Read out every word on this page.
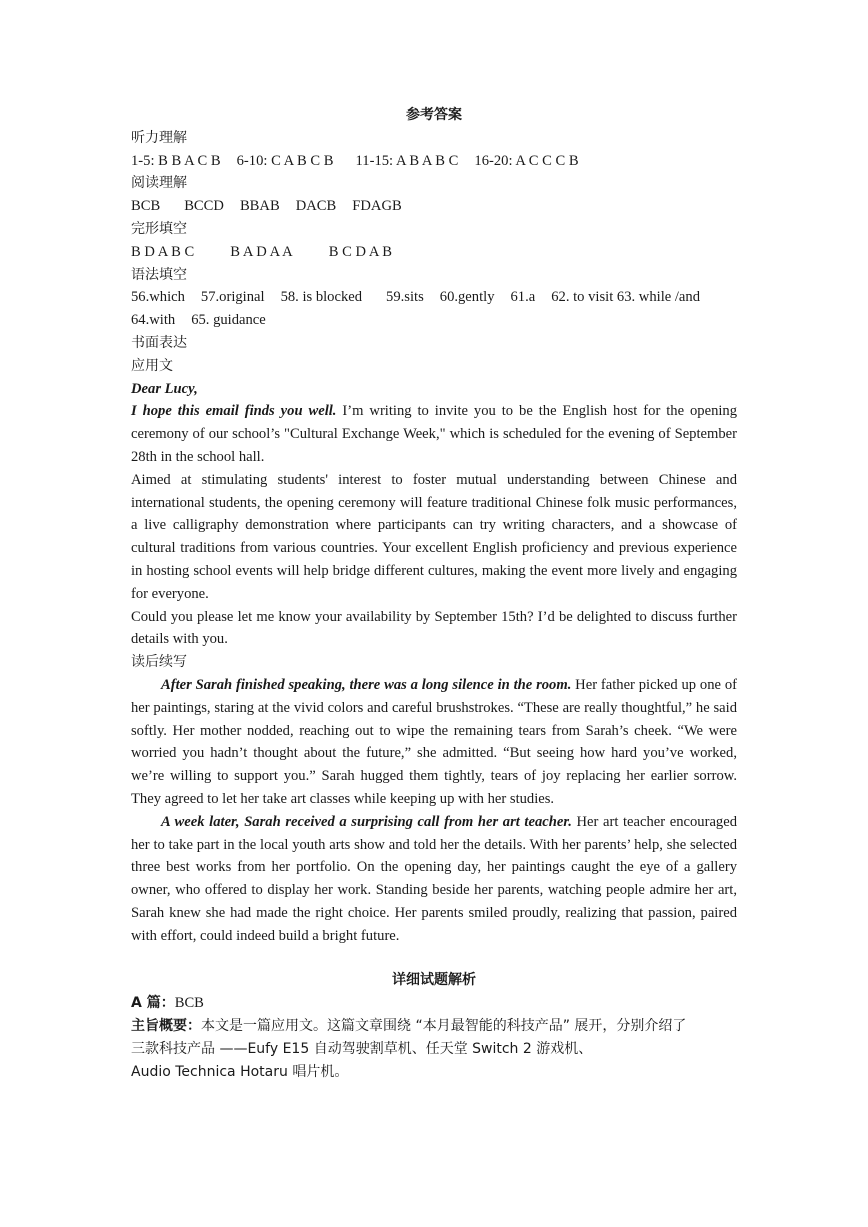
参考答案
听力理解
1-5: B B A C B 6-10: C A B C B 11-15: A B A B C 16-20: A C C C B
阅读理解
BCB BCCD BBAB DACB FDAGB
完形填空
B D A B C B A D A A B C D A B
语法填空
56.which 57.original 58. is blocked 59.sits 60.gently 61.a 62. to visit 63. while /and
64.with 65. guidance
书面表达
应用文
Dear Lucy,
I hope this email finds you well. I’m writing to invite you to be the English host for the opening ceremony of our school’s "Cultural Exchange Week," which is scheduled for the evening of September 28th in the school hall.
Aimed at stimulating students' interest to foster mutual understanding between Chinese and international students, the opening ceremony will feature traditional Chinese folk music performances, a live calligraphy demonstration where participants can try writing characters, and a showcase of cultural traditions from various countries. Your excellent English proficiency and previous experience in hosting school events will help bridge different cultures, making the event more lively and engaging for everyone.
Could you please let me know your availability by September 15th? I’d be delighted to discuss further details with you.
读后续写
After Sarah finished speaking, there was a long silence in the room. Her father picked up one of her paintings, staring at the vivid colors and careful brushstrokes. “These are really thoughtful,” he said softly. Her mother nodded, reaching out to wipe the remaining tears from Sarah’s cheek. “We were worried you hadn’t thought about the future,” she admitted. “But seeing how hard you’ve worked, we’re willing to support you.” Sarah hugged them tightly, tears of joy replacing her earlier sorrow. They agreed to let her take art classes while keeping up with her studies.
A week later, Sarah received a surprising call from her art teacher. Her art teacher encouraged her to take part in the local youth arts show and told her the details. With her parents’ help, she selected three best works from her portfolio. On the opening day, her paintings caught the eye of a gallery owner, who offered to display her work. Standing beside her parents, watching people admire her art, Sarah knew she had made the right choice. Her parents smiled proudly, realizing that passion, paired with effort, could indeed build a bright future.
详细试题解析
A 篇：BCB
主旨概要：本文是一篇应用文。这篇文章围绕 “本月最智能的科技产品” 展开，分别介绍了
三款科技产品 ——Eufy E15 自动驾驶割草机、任天堂 Switch 2 游戏机、
Audio Technica Hotaru 唱片机。
